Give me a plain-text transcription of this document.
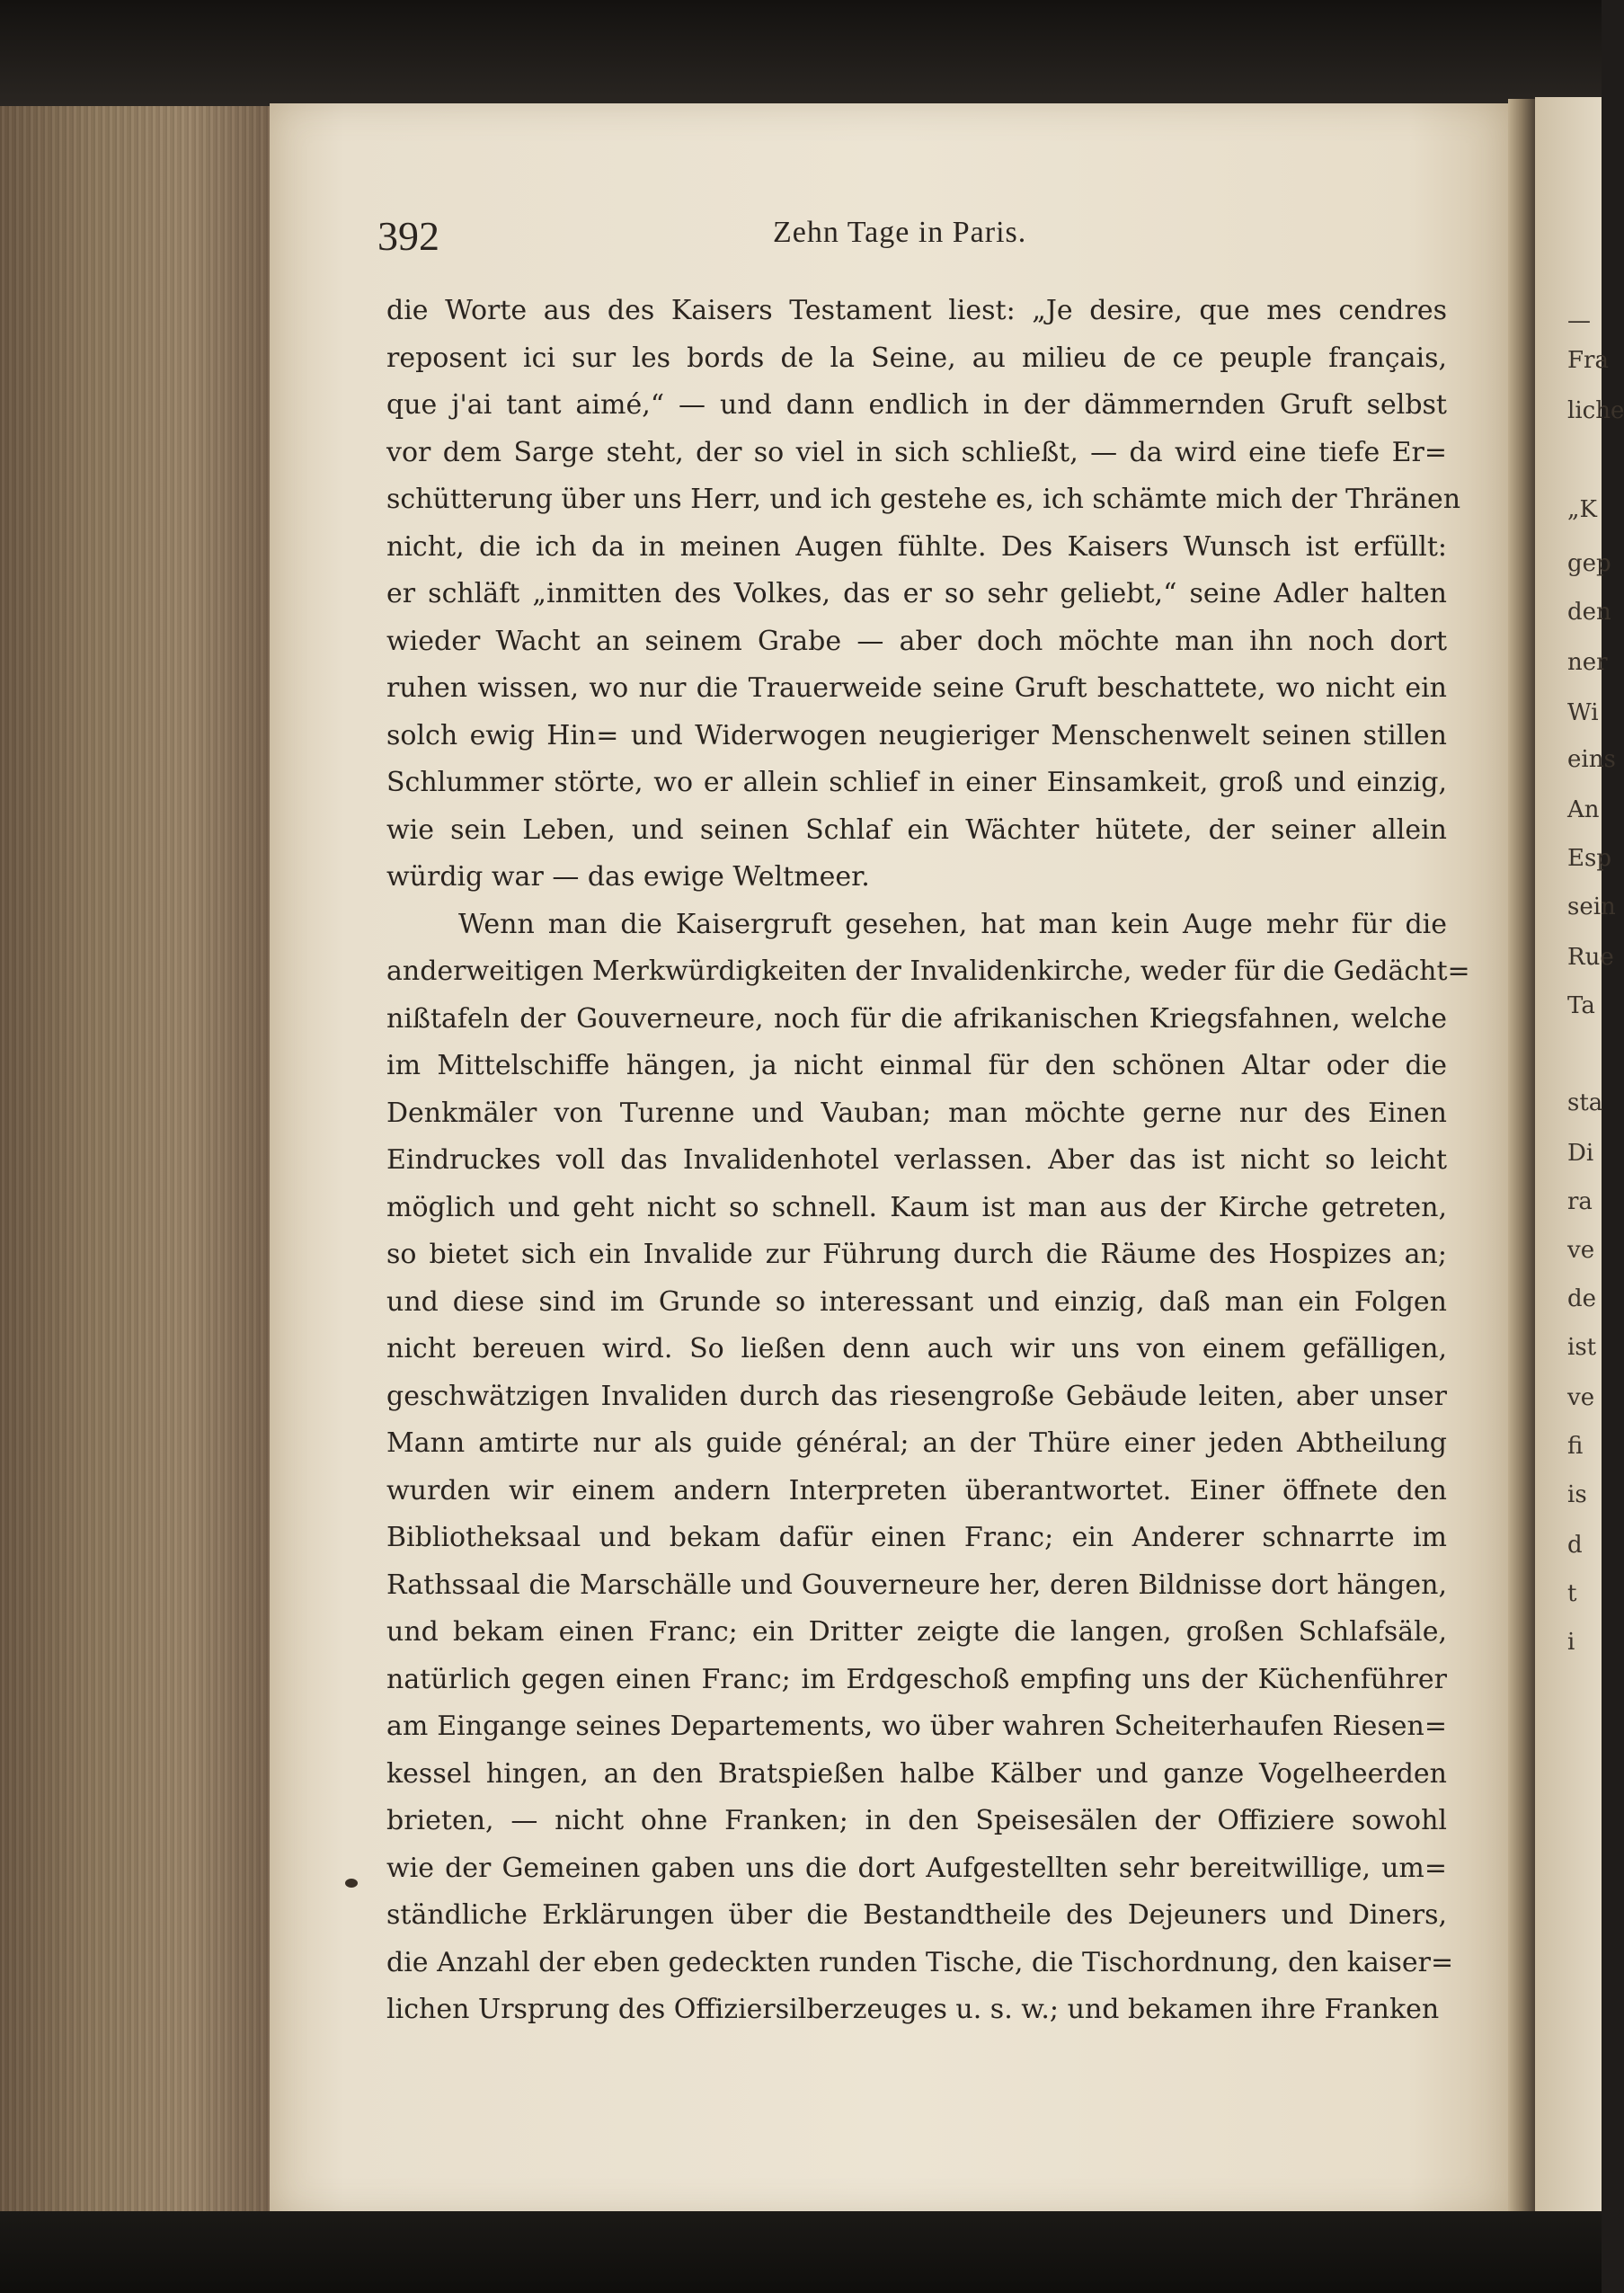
392	Zehn Tage in Paris.
die Worte aus des Kaisers Testament liest: „Je desire, que mes cendres
reposent ici sur les bords de la Seine, au milieu de ce peuple français,
que j'ai tant aimé,“ — und dann endlich in der dämmernden Gruft selbst
vor dem Sarge steht, der so viel in sich schließt, — da wird eine tiefe Er=
schütterung über uns Herr, und ich gestehe es, ich schämte mich der Thränen
nicht, die ich da in meinen Augen fühlte. Des Kaisers Wunsch ist erfüllt:
er schläft „inmitten des Volkes, das er so sehr geliebt,“ seine Adler halten
wieder Wacht an seinem Grabe — aber doch möchte man ihn noch dort
ruhen wissen, wo nur die Trauerweide seine Gruft beschattete, wo nicht ein
solch ewig Hin= und Widerwogen neugieriger Menschenwelt seinen stillen
Schlummer störte, wo er allein schlief in einer Einsamkeit, groß und einzig,
wie sein Leben, und seinen Schlaf ein Wächter hütete, der seiner allein
würdig war — das ewige Weltmeer.
Wenn man die Kaisergruft gesehen, hat man kein Auge mehr für die
anderweitigen Merkwürdigkeiten der Invalidenkirche, weder für die Gedächt=
nißtafeln der Gouverneure, noch für die afrikanischen Kriegsfahnen, welche
im Mittelschiffe hängen, ja nicht einmal für den schönen Altar oder die
Denkmäler von Turenne und Vauban; man möchte gerne nur des Einen
Eindruckes voll das Invalidenhotel verlassen. Aber das ist nicht so leicht
möglich und geht nicht so schnell. Kaum ist man aus der Kirche getreten,
so bietet sich ein Invalide zur Führung durch die Räume des Hospizes an;
und diese sind im Grunde so interessant und einzig, daß man ein Folgen
nicht bereuen wird. So ließen denn auch wir uns von einem gefälligen,
geschwätzigen Invaliden durch das riesengroße Gebäude leiten, aber unser
Mann amtirte nur als guide général; an der Thüre einer jeden Abtheilung
wurden wir einem andern Interpreten überantwortet. Einer öffnete den
Bibliotheksaal und bekam dafür einen Franc; ein Anderer schnarrte im
Rathssaal die Marschälle und Gouverneure her, deren Bildnisse dort hängen,
und bekam einen Franc; ein Dritter zeigte die langen, großen Schlafsäle,
natürlich gegen einen Franc; im Erdgeschoß empfing uns der Küchenführer
am Eingange seines Departements, wo über wahren Scheiterhaufen Riesen=
kessel hingen, an den Bratspießen halbe Kälber und ganze Vogelheerden
brieten, — nicht ohne Franken; in den Speisesälen der Offiziere sowohl
wie der Gemeinen gaben uns die dort Aufgestellten sehr bereitwillige, um=
ständliche Erklärungen über die Bestandtheile des Dejeuners und Diners,
die Anzahl der eben gedeckten runden Tische, die Tischordnung, den kaiser=
lichen Ursprung des Offiziersilberzeuges u. s. w.; und bekamen ihre Franken
—
Fra
liche
„K
gep
den
ner
Wi
eins
An
Esp
sein
Rue
Ta
sta
Di
ra
ve
de
ist
ve
fi
is
d
t
i
